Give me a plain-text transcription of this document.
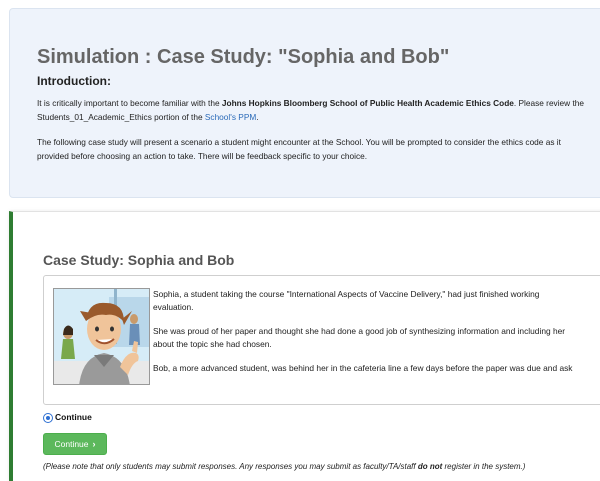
Simulation : Case Study: "Sophia and Bob"
Introduction:

It is critically important to become familiar with the Johns Hopkins Bloomberg School of Public Health Academic Ethics Code. Please review the
Students_01_Academic_Ethics portion of the School's PPM.

The following case study will present a scenario a student might encounter at the School. You will be prompted to consider the ethics code as it
provided before choosing an action to take. There will be feedback specific to your choice.

Case Study: Sophia and Bob

Sophia, a student taking the course "International Aspects of Vaccine Delivery," had just finished working

evaluation.

She was proud of her paper and thought she had done a good job of synthesizing information and including her

about the topic she had chosen.

Bob, a more advanced student, was behind her in the cafeteria line a few days before the paper was due and ask

Continue
Continue ›

(Please note that only students may submit responses. Any responses you may submit as faculty/TA/staff do not register in the system.)
